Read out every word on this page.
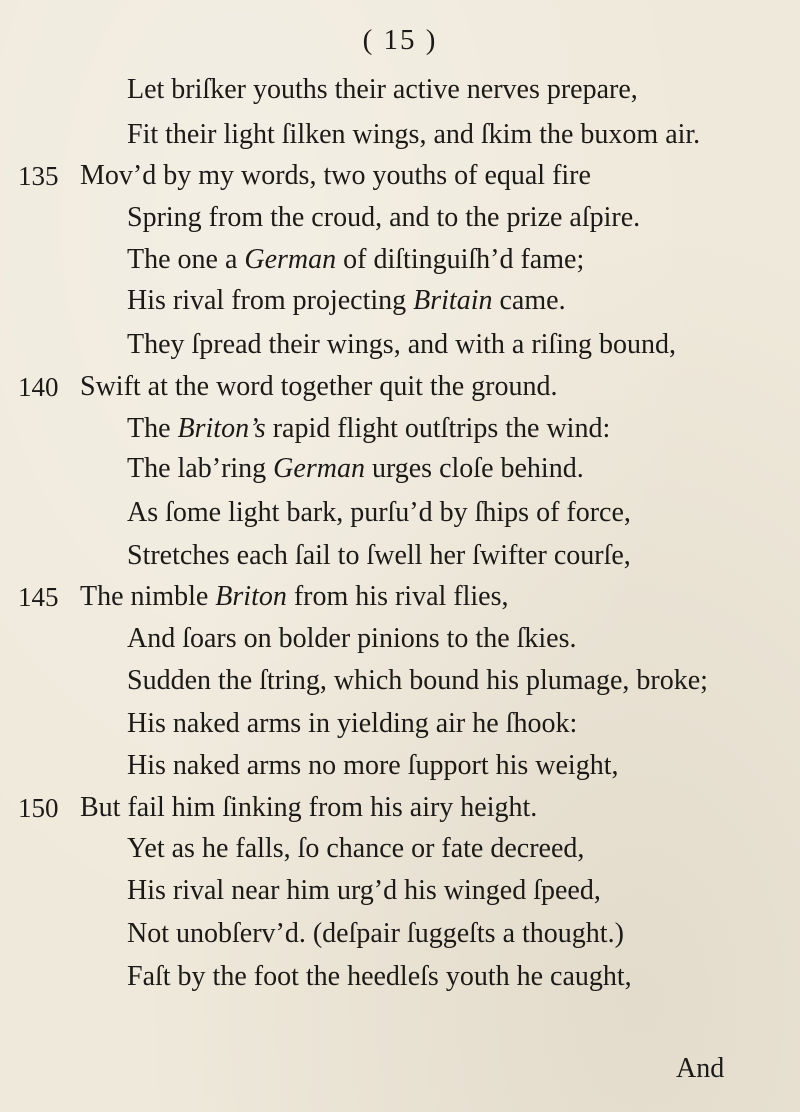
( 15 )
Let briſker youths their active nerves prepare,
Fit their light ſilken wings, and ſkim the buxom air.
135 Mov’d by my words, two youths of equal fire
Spring from the croud, and to the prize aſpire.
The one a German of diſtinguiſh’d fame;
His rival from projecting Britain came.
They ſpread their wings, and with a riſing bound,
140 Swift at the word together quit the ground.
The Briton’s rapid flight outſtrips the wind:
The lab’ring German urges cloſe behind.
As ſome light bark, purſu’d by ſhips of force,
Stretches each ſail to ſwell her ſwifter courſe,
145 The nimble Briton from his rival flies,
And ſoars on bolder pinions to the ſkies.
Sudden the ſtring, which bound his plumage, broke;
His naked arms in yielding air he ſhook:
His naked arms no more ſupport his weight,
150 But fail him ſinking from his airy height.
Yet as he falls, ſo chance or fate decreed,
His rival near him urg’d his winged ſpeed,
Not unobſerv’d. (deſpair ſuggeſts a thought.)
Faſt by the foot the heedleſs youth he caught,
And
